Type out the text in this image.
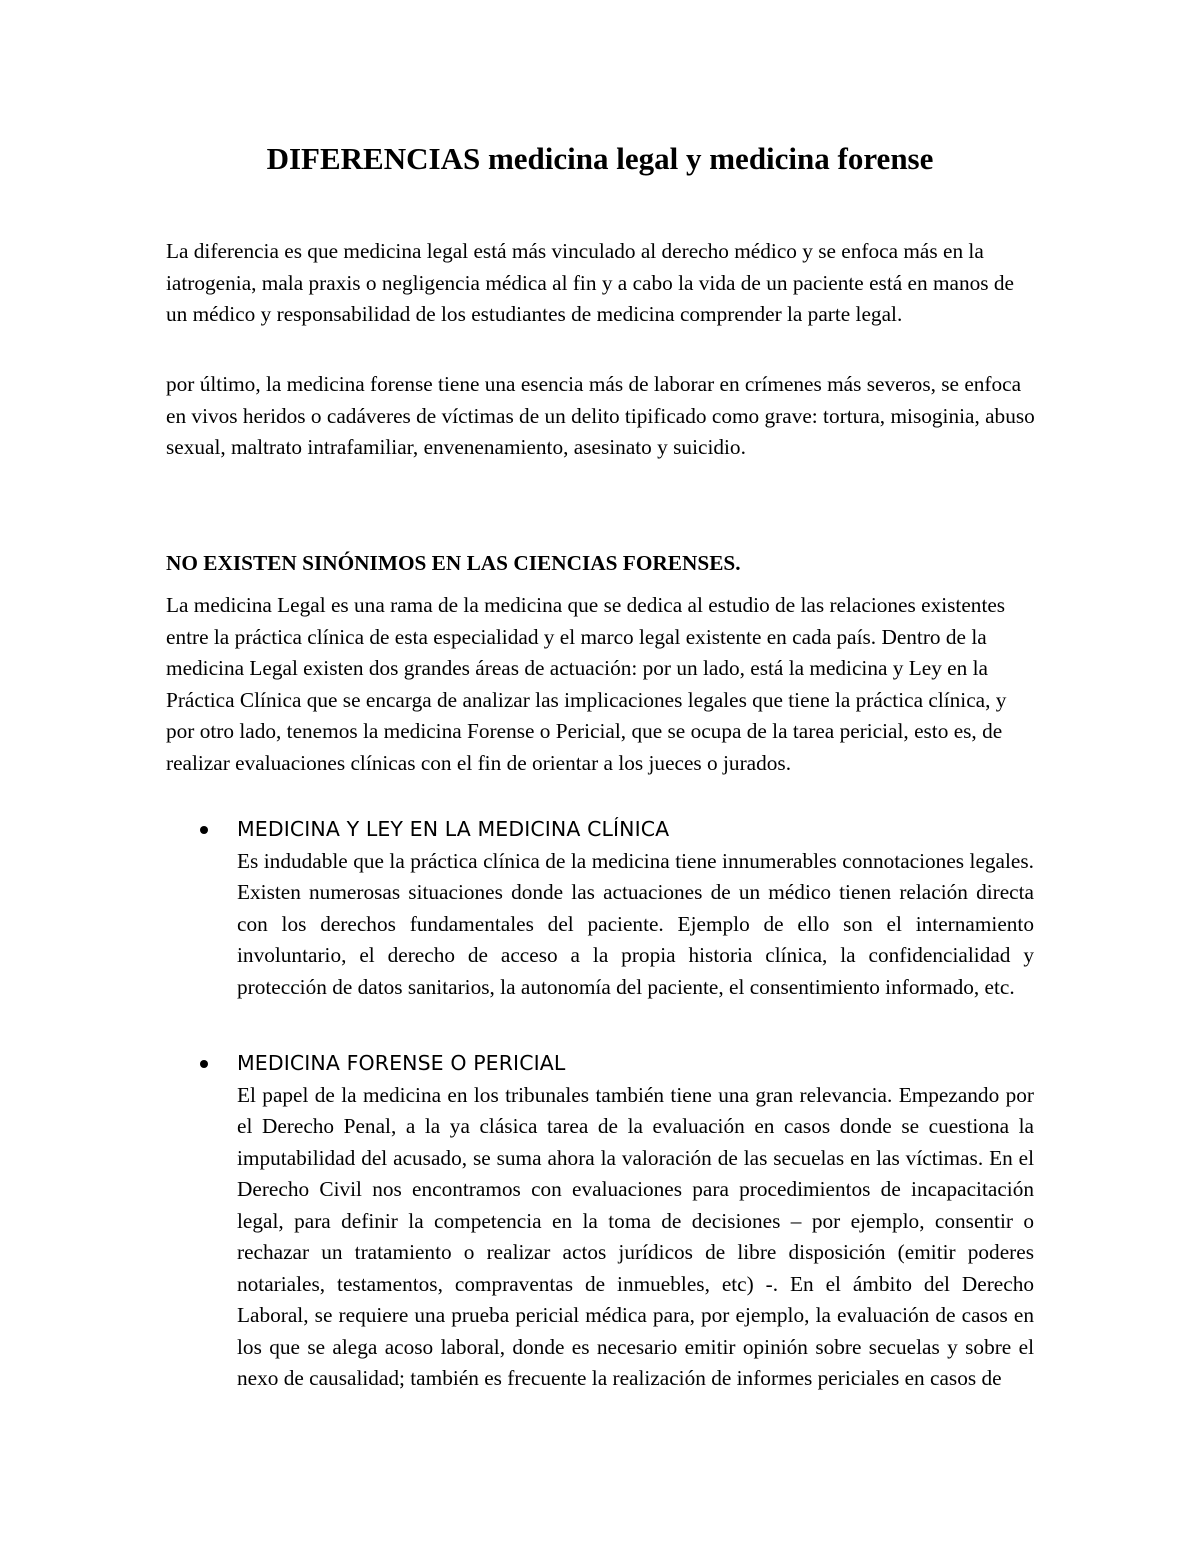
DIFERENCIAS medicina legal y medicina forense

La diferencia es que medicina legal está más vinculado al derecho médico y se enfoca más en la iatrogenia, mala praxis o negligencia médica al fin y a cabo la vida de un paciente está en manos de un médico y responsabilidad de los estudiantes de medicina comprender la parte legal.

por último, la medicina forense tiene una esencia más de laborar en crímenes más severos, se enfoca en vivos heridos o cadáveres de víctimas de un delito tipificado como grave: tortura, misoginia, abuso sexual, maltrato intrafamiliar, envenenamiento, asesinato y suicidio.

NO EXISTEN SINÓNIMOS EN LAS CIENCIAS FORENSES.

La medicina Legal es una rama de la medicina que se dedica al estudio de las relaciones existentes entre la práctica clínica de esta especialidad y el marco legal existente en cada país. Dentro de la medicina Legal existen dos grandes áreas de actuación: por un lado, está la medicina y Ley en la Práctica Clínica que se encarga de analizar las implicaciones legales que tiene la práctica clínica, y por otro lado, tenemos la medicina Forense o Pericial, que se ocupa de la tarea pericial, esto es, de realizar evaluaciones clínicas con el fin de orientar a los jueces o jurados.

MEDICINA Y LEY EN LA MEDICINA CLÍNICA

Es indudable que la práctica clínica de la medicina tiene innumerables connotaciones legales. Existen numerosas situaciones donde las actuaciones de un médico tienen relación directa con los derechos fundamentales del paciente. Ejemplo de ello son el internamiento involuntario, el derecho de acceso a la propia historia clínica, la confidencialidad y protección de datos sanitarios, la autonomía del paciente, el consentimiento informado, etc.

MEDICINA FORENSE O PERICIAL

El papel de la medicina en los tribunales también tiene una gran relevancia. Empezando por el Derecho Penal, a la ya clásica tarea de la evaluación en casos donde se cuestiona la imputabilidad del acusado, se suma ahora la valoración de las secuelas en las víctimas. En el Derecho Civil nos encontramos con evaluaciones para procedimientos de incapacitación legal, para definir la competencia en la toma de decisiones – por ejemplo, consentir o rechazar un tratamiento o realizar actos jurídicos de libre disposición (emitir poderes notariales, testamentos, compraventas de inmuebles, etc) -. En el ámbito del Derecho Laboral, se requiere una prueba pericial médica para, por ejemplo, la evaluación de casos en los que se alega acoso laboral, donde es necesario emitir opinión sobre secuelas y sobre el nexo de causalidad; también es frecuente la realización de informes periciales en casos de
